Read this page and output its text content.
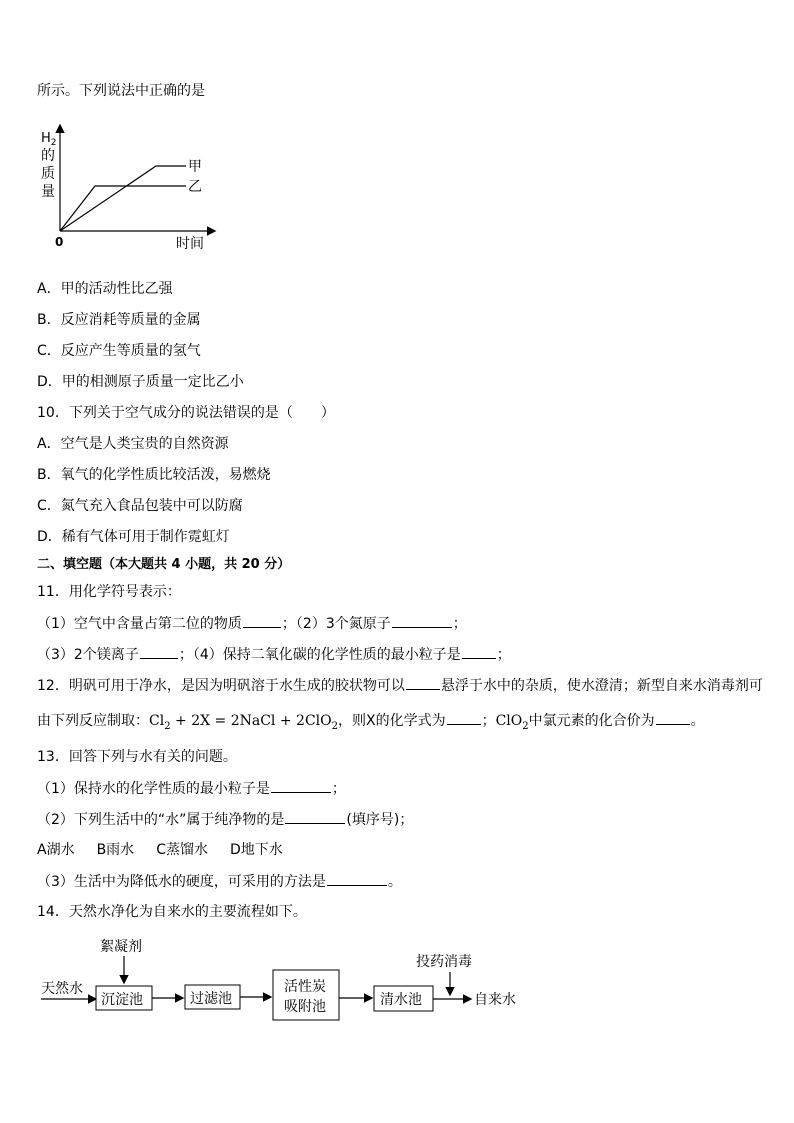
所示。下列说法中正确的是
$H_2$
的
质
量
0	时间
甲
乙
A．甲的活动性比乙强
B．反应消耗等质量的金属
C．反应产生等质量的氢气
D．甲的相测原子质量一定比乙小
10．下列关于空气成分的说法错误的是（　　）
A．空气是人类宝贵的自然资源
B．氧气的化学性质比较活泼，易燃烧
C．氮气充入食品包装中可以防腐
D．稀有气体可用于制作霓虹灯
二、填空题（本大题共 4 小题，共 20 分）
11．用化学符号表示：
（1）空气中含量占第二位的物质	；（2）3个氮原子	；
（3）2个镁离子	；（4）保持二氧化碳的化学性质的最小粒子是	；
12．明矾可用于净水，是因为明矾溶于水生成的胶状物可以	悬浮于水中的杂质，使水澄清；新型自来水消毒剂可
由下列反应制取：$Cl_2 + 2X$ = 2NaCl + 2ClO$_2$，则X的化学式为	；ClO$_2$中氯元素的化合价为	。
13．回答下列与水有关的问题。
（1）保持水的化学性质的最小粒子是	；
（2）下列生活中的“水”属于纯净物的是	(填序号)；
A湖水 B雨水 C蒸馏水 D地下水
（3）生活中为降低水的硬度，可采用的方法是	。
14．天然水净化为自来水的主要流程如下。
天然水
絮凝剂
沉淀池	过滤池
活性炭
吸附池	清水池
投药消毒
自来水
